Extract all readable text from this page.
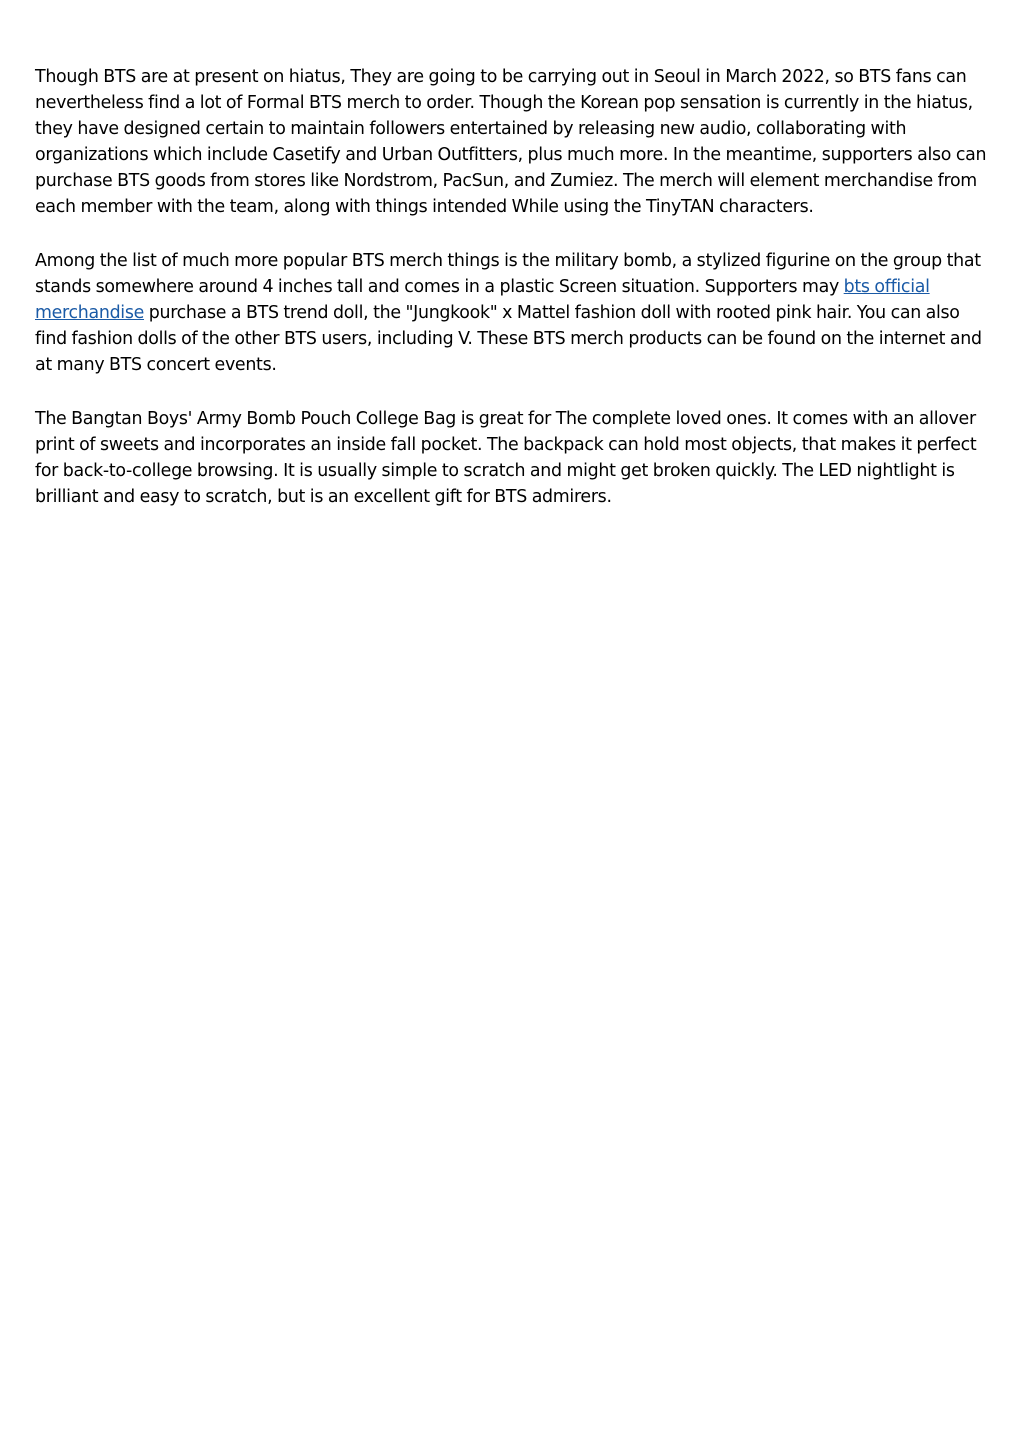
Though BTS are at present on hiatus, They are going to be carrying out in Seoul in March 2022, so BTS fans can nevertheless find a lot of Formal BTS merch to order. Though the Korean pop sensation is currently in the hiatus, they have designed certain to maintain followers entertained by releasing new audio, collaborating with organizations which include Casetify and Urban Outfitters, plus much more. In the meantime, supporters also can purchase BTS goods from stores like Nordstrom, PacSun, and Zumiez. The merch will element merchandise from each member with the team, along with things intended While using the TinyTAN characters.

Among the list of much more popular BTS merch things is the military bomb, a stylized figurine on the group that stands somewhere around 4 inches tall and comes in a plastic Screen situation. Supporters may bts official merchandise purchase a BTS trend doll, the "Jungkook" x Mattel fashion doll with rooted pink hair. You can also find fashion dolls of the other BTS users, including V. These BTS merch products can be found on the internet and at many BTS concert events.

The Bangtan Boys' Army Bomb Pouch College Bag is great for The complete loved ones. It comes with an allover print of sweets and incorporates an inside fall pocket. The backpack can hold most objects, that makes it perfect for back-to-college browsing. It is usually simple to scratch and might get broken quickly. The LED nightlight is brilliant and easy to scratch, but is an excellent gift for BTS admirers.
